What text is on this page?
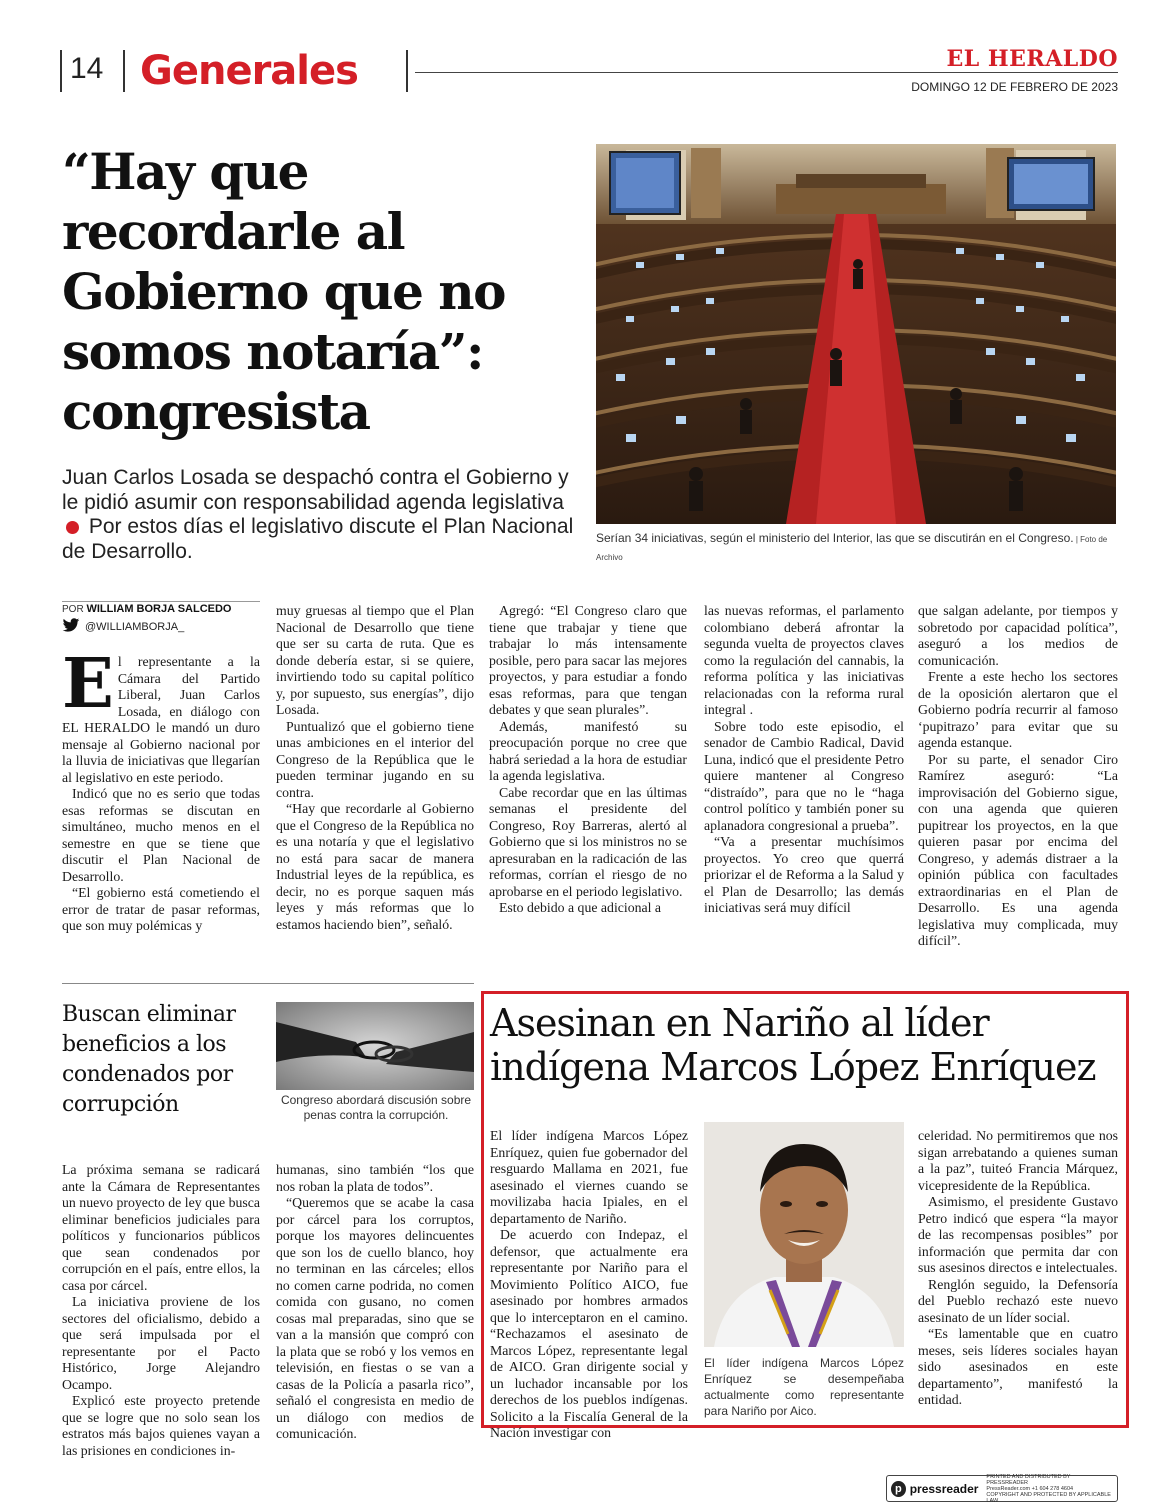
14 Generales	EL HERALDO
DOMINGO 12 DE FEBRERO DE 2023
“Hay que recordarle al Gobierno que no somos notaría”: congresista
Juan Carlos Losada se despachó contra el Gobierno y le pidió asumir con responsabilidad agenda legislativa Por estos días el legislativo discute el Plan Nacional de Desarrollo.
Serían 34 iniciativas, según el ministerio del Interior, las que se discutirán en el Congreso. | Foto de Archivo
POR WILLIAM BORJA SALCEDO
@WILLIAMBORJA_
E l representante a la Cámara del Partido Liberal, Juan Carlos Losada, en diálogo con EL HERALDO le mandó un duro mensaje al Gobierno nacional por la lluvia de iniciativas que llegarían al legislativo en este periodo.

Indicó que no es serio que todas esas reformas se discutan en simultáneo, mucho menos en el semestre en que se tiene que discutir el Plan Nacional de Desarrollo.

“El gobierno está cometiendo el error de tratar de pasar reformas, que son muy polémicas y

muy gruesas al tiempo que el Plan Nacional de Desarrollo que tiene que ser su carta de ruta. Que es donde debería estar, si se quiere, invirtiendo todo su capital político y, por supuesto, sus energías”, dijo Losada.

Puntualizó que el gobierno tiene unas ambiciones en el interior del Congreso de la República que le pueden terminar jugando en su contra.

“Hay que recordarle al Gobierno que el Congreso de la República no es una notaría y que el legislativo no está para sacar de manera Industrial leyes de la república, es decir, no es porque saquen más leyes y más reformas que lo estamos haciendo bien”, señaló.

Agregó: “El Congreso claro que tiene que trabajar y tiene que trabajar lo más intensamente posible, pero para sacar las mejores proyectos, y para estudiar a fondo esas reformas, para que tengan debates y que sean plurales”.

Además, manifestó su preocupación porque no cree que habrá seriedad a la hora de estudiar la agenda legislativa.

Cabe recordar que en las últimas semanas el presidente del Congreso, Roy Barreras, alertó al Gobierno que si los ministros no se apresuraban en la radicación de las reformas, corrían el riesgo de no aprobarse en el periodo legislativo.

Esto debido a que adicional a

las nuevas reformas, el parlamento colombiano deberá afrontar la segunda vuelta de proyectos claves como la regulación del cannabis, la reforma política y las iniciativas relacionadas con la reforma rural integral .

Sobre todo este episodio, el senador de Cambio Radical, David Luna, indicó que el presidente Petro quiere mantener al Congreso “distraído”, para que no le “haga control político y también poner su aplanadora congresional a prueba”.

“Va a presentar muchísimos proyectos. Yo creo que querrá priorizar el de Reforma a la Salud y el Plan de Desarrollo; las demás iniciativas será muy difícil

que salgan adelante, por tiempos y sobretodo por capacidad política”, aseguró a los medios de comunicación.

Frente a este hecho los sectores de la oposición alertaron que el Gobierno podría recurrir al famoso ‘pupitrazo’ para evitar que su agenda estanque.

Por su parte, el senador Ciro Ramírez aseguró: “La improvisación del Gobierno sigue, con una agenda que quieren pupitrear los proyectos, en la que quieren pasar por encima del Congreso, y además distraer a la opinión pública con facultades extraordinarias en el Plan de Desarrollo. Es una agenda legislativa muy complicada, muy difícil”.

Buscan eliminar beneficios a los condenados por corrupción	Congreso abordará discusión sobre penas contra la corrupción.

La próxima semana se radicará ante la Cámara de Representantes un nuevo proyecto de ley que busca eliminar beneficios judiciales para políticos y funcionarios públicos que sean condenados por corrupción en el país, entre ellos, la casa por cárcel.

La iniciativa proviene de los sectores del oficialismo, debido a que será impulsada por el representante por el Pacto Histórico, Jorge Alejandro Ocampo.

Explicó este proyecto pretende que se logre que no solo sean los estratos más bajos quienes vayan a las prisiones en condiciones in-

humanas, sino también “los que nos roban la plata de todos”.

“Queremos que se acabe la casa por cárcel para los corruptos, porque los mayores delincuentes que son los de cuello blanco, hoy no terminan en las cárceles; ellos no comen carne podrida, no comen comida con gusano, no comen cosas mal preparadas, sino que se van a la mansión que compró con la plata que se robó y los vemos en televisión, en fiestas o se van a casas de la Policía a pasarla rico”, señaló el congresista en medio de un diálogo con medios de comunicación.

Asesinan en Nariño al líder indígena Marcos López Enríquez

El líder indígena Marcos López Enríquez, quien fue gobernador del resguardo Mallama en 2021, fue asesinado el viernes cuando se movilizaba hacia Ipiales, en el departamento de Nariño.

De acuerdo con Indepaz, el defensor, que actualmente era representante por Nariño para el Movimiento Político AICO, fue asesinado por hombres armados que lo interceptaron en el camino. “Rechazamos el asesinato de Marcos López, representante legal de AICO. Gran dirigente social y un luchador incansable por los derechos de los pueblos indígenas. Solicito a la Fiscalía General de la Nación investigar con

El líder indígena Marcos López Enríquez se desempeñaba actualmente como representante para Nariño por Aico.

celeridad. No permitiremos que nos sigan arrebatando a quienes suman a la paz”, tuiteó Francia Márquez, vicepresidente de la República.

Asimismo, el presidente Gustavo Petro indicó que espera “la mayor de las recompensas posibles” por información que permita dar con sus asesinos directos e intelectuales.

Renglón seguido, la Defensoría del Pueblo rechazó este nuevo asesinato de un líder social.

“Es lamentable que en cuatro meses, seis líderes sociales hayan sido asesinados en este departamento”, manifestó la entidad.

p pressreader
PRINTED AND DISTRIBUTED BY PRESSREADER
PressReader.com +1 604 278 4604
COPYRIGHT AND PROTECTED BY APPLICABLE LAW
